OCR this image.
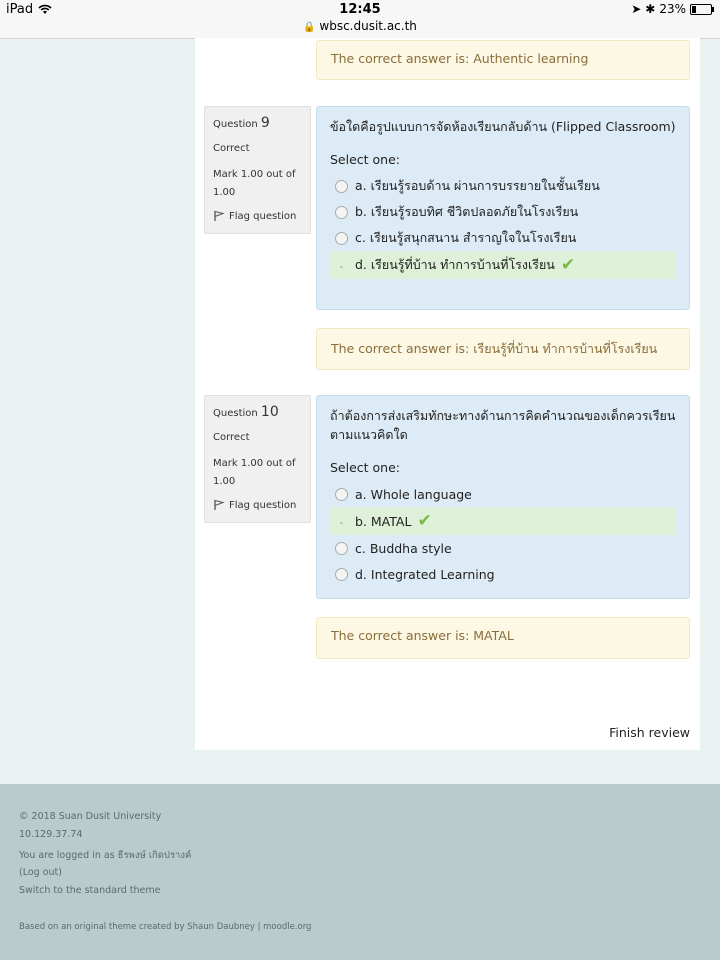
iPad	12:45
🔒 wbsc.dusit.ac.th
➤ ✱ 23%
The correct answer is: Authentic learning
Question 9
Correct
Mark 1.00 out of 1.00
Flag question
ข้อใดคือรูปแบบการจัดห้องเรียนกลับด้าน (Flipped Classroom)
Select one:
a. เรียนรู้รอบด้าน ผ่านการบรรยายในชั้นเรียน
b. เรียนรู้รอบทิศ ชีวิตปลอดภัยในโรงเรียน
c. เรียนรู้สนุกสนาน สำราญใจในโรงเรียน
⌄ d. เรียนรู้ที่บ้าน ทำการบ้านที่โรงเรียน ✔
The correct answer is: เรียนรู้ที่บ้าน ทำการบ้านที่โรงเรียน
Question 10
Correct
Mark 1.00 out of 1.00
Flag question
ถ้าต้องการส่งเสริมทักษะทางด้านการคิดคำนวณของเด็กควรเรียนตามแนวคิดใด
Select one:
a. Whole language
⌄ b. MATAL ✔
c. Buddha style
d. Integrated Learning
The correct answer is: MATAL
Finish review
© 2018 Suan Dusit University
10.129.37.74
You are logged in as ธีรพงษ์ เกิดปรางค์
(Log out)
Switch to the standard theme
Based on an original theme created by Shaun Daubney | moodle.org
